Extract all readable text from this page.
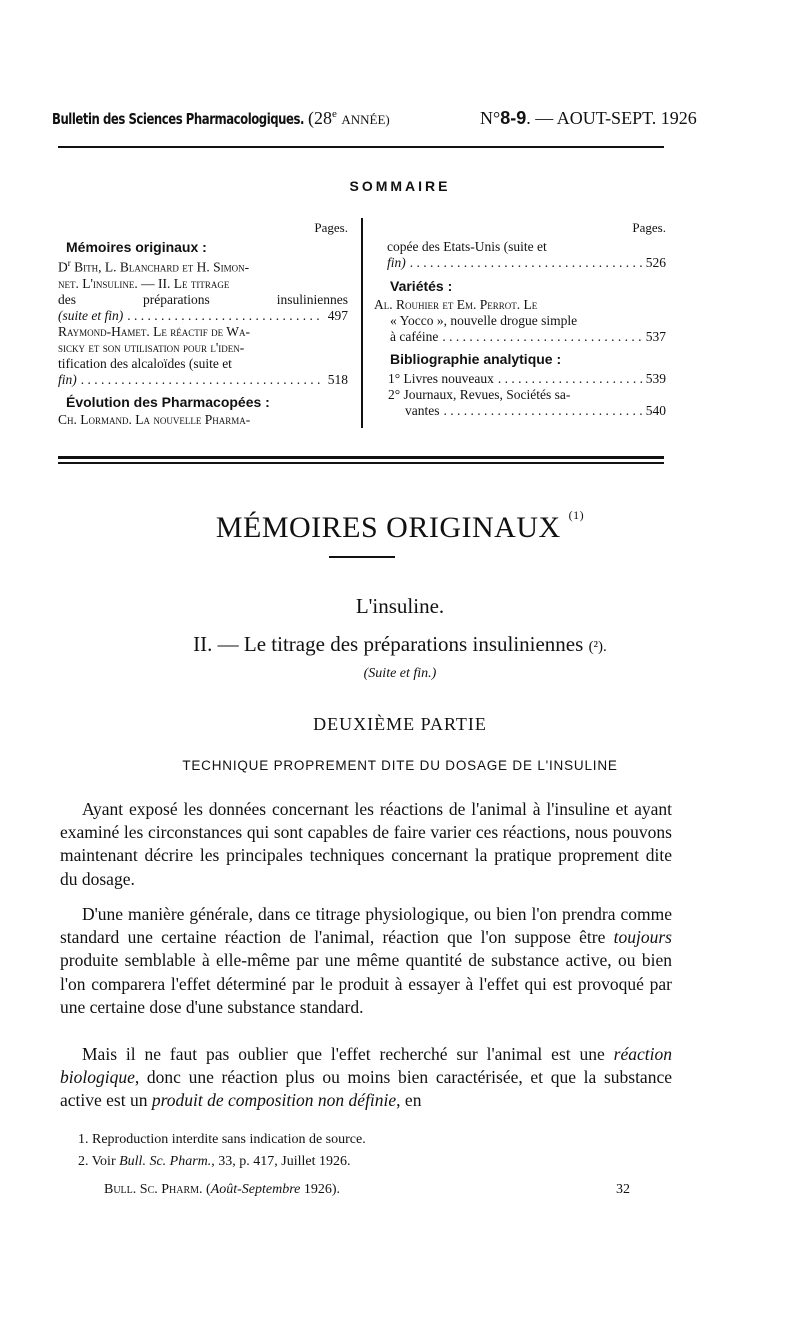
Bulletin des Sciences Pharmacologiques. (28e ANNÉE)	N°8-9. — AOUT-SEPT. 1926
SOMMAIRE
Pages.
Mémoires originaux :
$D^r$ Bith, L. Blanchard et H. Simon-
net. L'insuline. — II. Le titrage
des préparations insuliniennes
(suite et fin) . . .	497
Raymond-Hamet. Le réactif de Wa-
sicky et son utilisation pour l'iden-
tification des alcaloïdes (suite et
fin) . . .	518
Évolution des Pharmacopées :
Ch. Lormand. La nouvelle Pharma-
Pages.
copée des Etats-Unis (suite et
fin) . . .	526
Variétés :
Al. Rouhier et Em. Perrot. Le
« Yocco », nouvelle drogue simple
à caféine . . .	537
Bibliographie analytique :
1° Livres nouveaux . . .	539
2° Journaux, Revues, Sociétés sa-
vantes . . .	540
MÉMOIRES ORIGINAUX $^{(1)}$
L'insuline.
II. — Le titrage des préparations insuliniennes (²).
(Suite et fin.)
DEUXIÈME PARTIE
TECHNIQUE PROPREMENT DITE DU DOSAGE DE L'INSULINE

Ayant exposé les données concernant les réactions de l'animal à l'insuline et ayant examiné les circonstances qui sont capables de faire varier ces réactions, nous pouvons maintenant décrire les principales techniques concernant la pratique proprement dite du dosage.

D'une manière générale, dans ce titrage physiologique, ou bien l'on prendra comme standard une certaine réaction de l'animal, réaction que l'on suppose être toujours produite semblable à elle-même par une même quantité de substance active, ou bien l'on comparera l'effet déterminé par le produit à essayer à l'effet qui est provoqué par une certaine dose d'une substance standard.

Mais il ne faut pas oublier que l'effet recherché sur l'animal est une réaction biologique, donc une réaction plus ou moins bien caractérisée, et que la substance active est un produit de composition non définie, en

1. Reproduction interdite sans indication de source.
2. Voir Bull. Sc. Pharm., 33, p. 417, Juillet 1926.
Bull. Sc. Pharm. (Août-Septembre 1926).	32
